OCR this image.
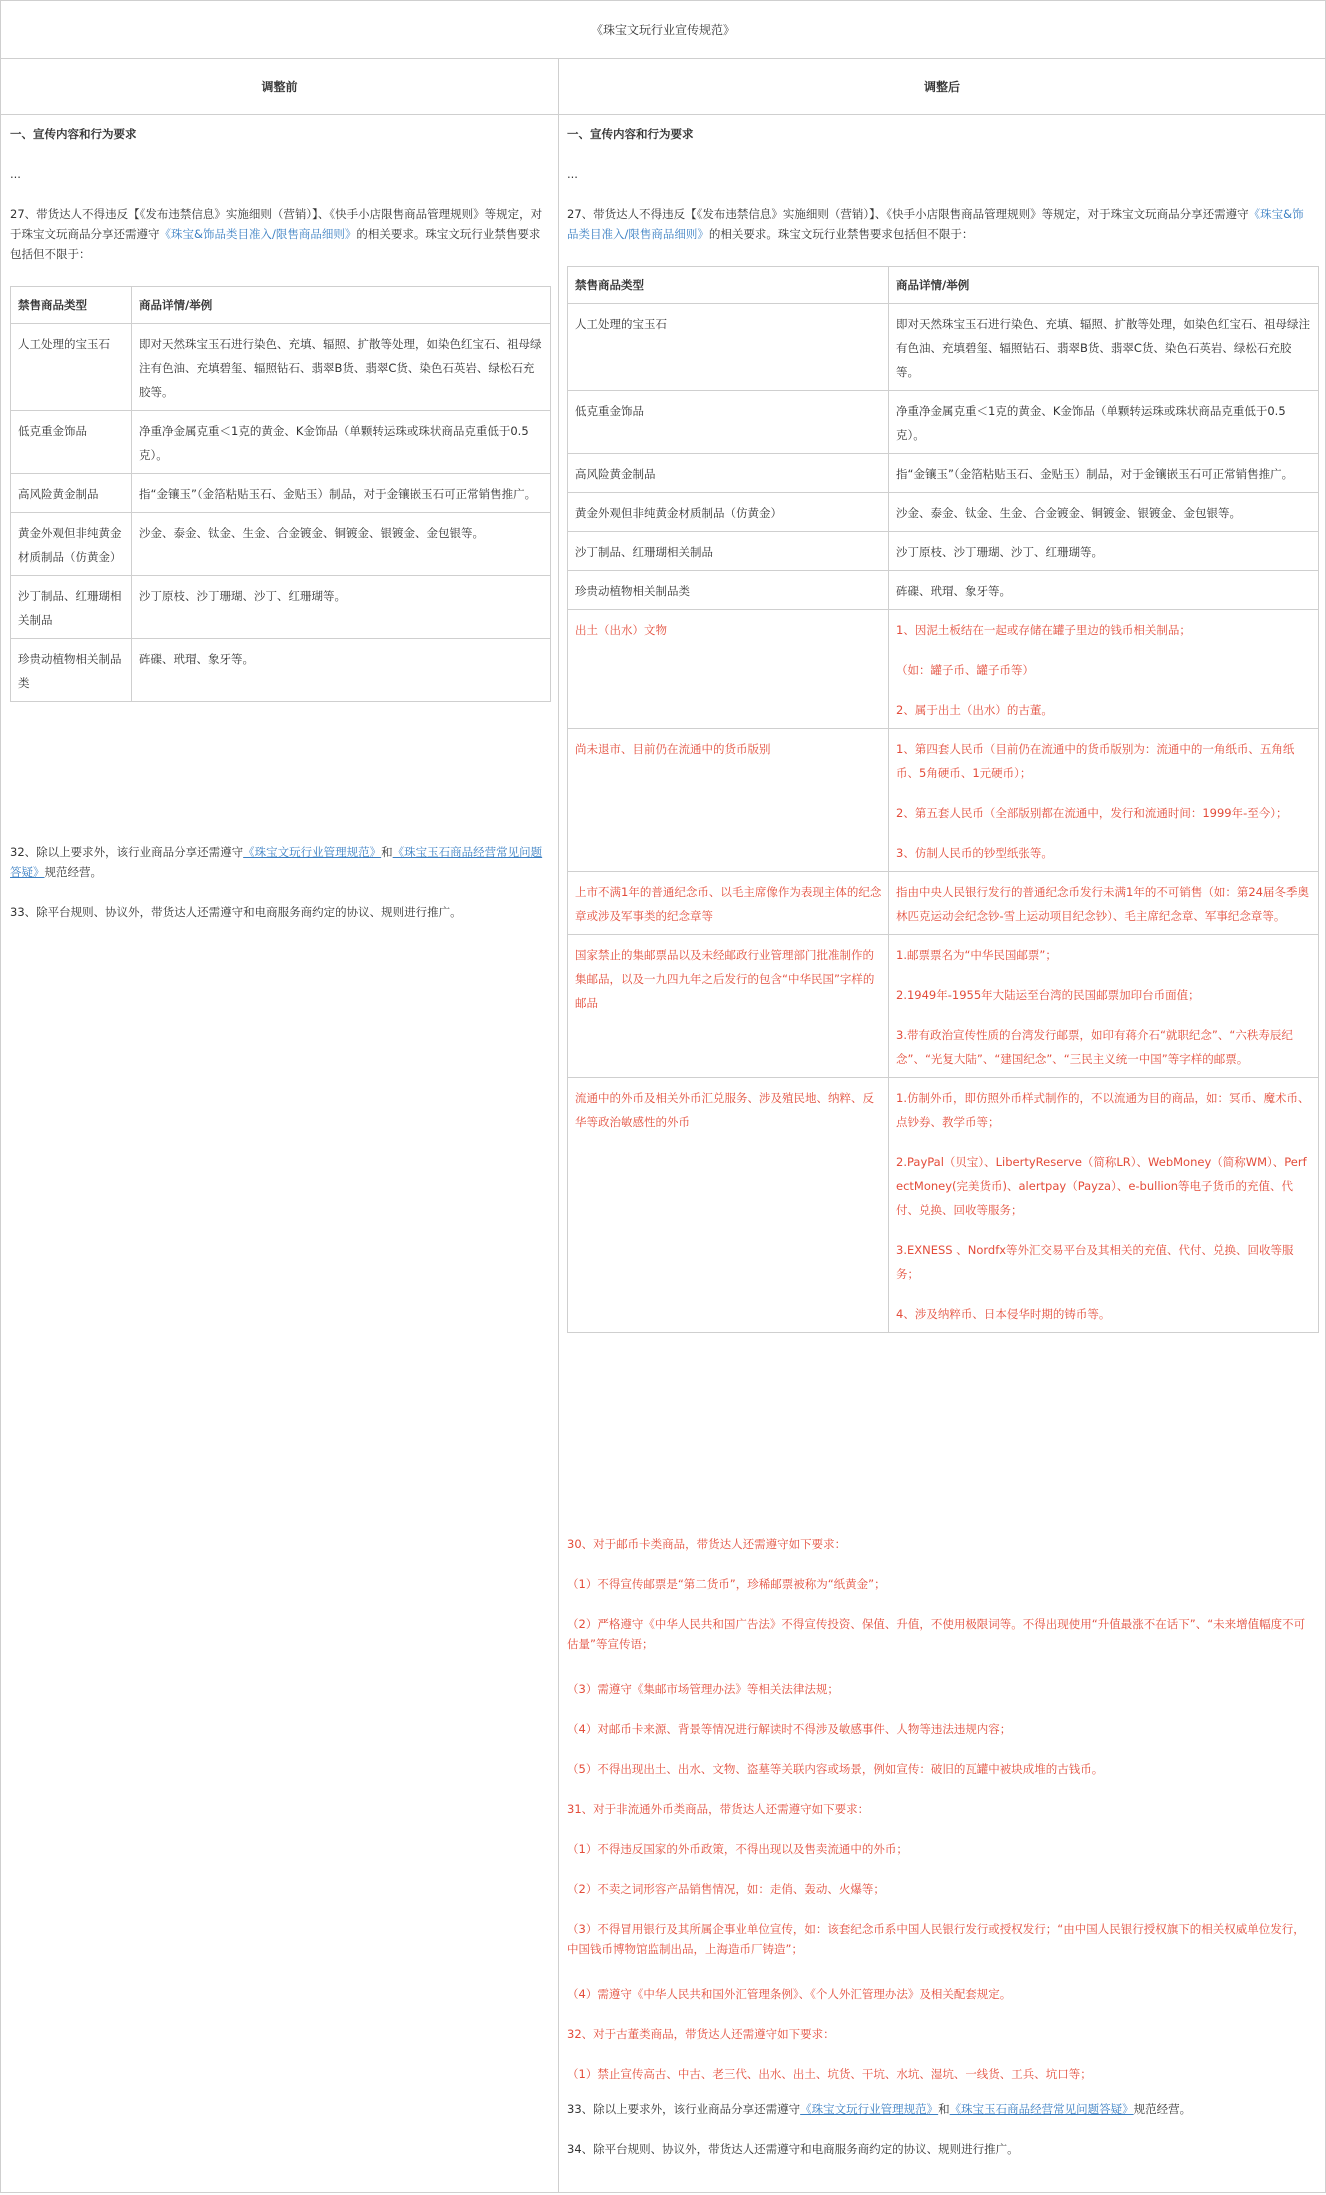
《珠宝文玩行业宣传规范》
调整前	调整后

一、宣传内容和行为要求

...

27、带货达人不得违反【《发布违禁信息》实施细则（营销）】、《快手小店限售商品管理规则》等规定，对于珠宝文玩商品分享还需遵守《珠宝&饰品类目准入/限售商品细则》的相关要求。珠宝文玩行业禁售要求包括但不限于：

禁售商品类型	商品详情/举例
人工处理的宝玉石	即对天然珠宝玉石进行染色、充填、辐照、扩散等处理，如染色红宝石、祖母绿注有色油、充填碧玺、辐照钻石、翡翠B货、翡翠C货、染色石英岩、绿松石充胶等。
低克重金饰品	净重净金属克重＜1克的黄金、K金饰品（单颗转运珠或珠状商品克重低于0.5克）。
高风险黄金制品	指“金镶玉”（金箔粘贴玉石、金贴玉）制品，对于金镶嵌玉石可正常销售推广。
黄金外观但非纯黄金材质制品（仿黄金）	沙金、泰金、钛金、生金、合金镀金、铜镀金、银镀金、金包银等。
沙丁制品、红珊瑚相关制品	沙丁原枝、沙丁珊瑚、沙丁、红珊瑚等。
珍贵动植物相关制品类	砗磲、玳瑁、象牙等。

32、除以上要求外，该行业商品分享还需遵守《珠宝文玩行业管理规范》和《珠宝玉石商品经营常见问题答疑》规范经营。

33、除平台规则、协议外，带货达人还需遵守和电商服务商约定的协议、规则进行推广。

一、宣传内容和行为要求

...

27、带货达人不得违反【《发布违禁信息》实施细则（营销）】、《快手小店限售商品管理规则》等规定，对于珠宝文玩商品分享还需遵守《珠宝&饰品类目准入/限售商品细则》的相关要求。珠宝文玩行业禁售要求包括但不限于：

禁售商品类型	商品详情/举例
人工处理的宝玉石	即对天然珠宝玉石进行染色、充填、辐照、扩散等处理，如染色红宝石、祖母绿注有色油、充填碧玺、辐照钻石、翡翠B货、翡翠C货、染色石英岩、绿松石充胶等。

低克重金饰品	净重净金属克重＜1克的黄金、K金饰品（单颗转运珠或珠状商品克重低于0.5克）。

高风险黄金制品	指“金镶玉”（金箔粘贴玉石、金贴玉）制品，对于金镶嵌玉石可正常销售推广。

黄金外观但非纯黄金材质制品（仿黄金）	沙金、泰金、钛金、生金、合金镀金、铜镀金、银镀金、金包银等。

沙丁制品、红珊瑚相关制品	沙丁原枝、沙丁珊瑚、沙丁、红珊瑚等。

珍贵动植物相关制品类	砗磲、玳瑁、象牙等。

出土（出水）文物	1、因泥土板结在一起或存储在罐子里边的钱币相关制品；

（如：罐子币、罐子币等）

2、属于出土（出水）的古董。

尚未退市、目前仍在流通中的货币版别	1、第四套人民币（目前仍在流通中的货币版别为：流通中的一角纸币、五角纸币、5角硬币、1元硬币）；

2、第五套人民币（全部版别都在流通中，发行和流通时间：1999年-至今）；

3、仿制人民币的钞型纸张等。

上市不满1年的普通纪念币、以毛主席像作为表现主体的纪念章或涉及军事类的纪念章等	指由中央人民银行发行的普通纪念币发行未满1年的不可销售（如：第24届冬季奥林匹克运动会纪念钞-雪上运动项目纪念钞）、毛主席纪念章、军事纪念章等。

国家禁止的集邮票品以及未经邮政行业管理部门批准制作的集邮品，以及一九四九年之后发行的包含“中华民国”字样的邮品	1.邮票票名为“中华民国邮票”；

2.1949年-1955年大陆运至台湾的民国邮票加印台币面值；

3.带有政治宣传性质的台湾发行邮票，如印有蒋介石“就职纪念”、“六秩寿辰纪念”、“光复大陆”、“建国纪念”、“三民主义统一中国”等字样的邮票。

流通中的外币及相关外币汇兑服务、涉及殖民地、纳粹、反华等政治敏感性的外币	1.仿制外币，即仿照外币样式制作的，不以流通为目的商品，如：冥币、魔术币、点钞券、教学币等；

2.PayPal（贝宝）、LibertyReserve（简称LR）、WebMoney（简称WM）、PerfectMoney(完美货币)、alertpay（Payza）、e-bullion等电子货币的充值、代付、兑换、回收等服务；

3.EXNESS 、Nordfx等外汇交易平台及其相关的充值、代付、兑换、回收等服务；

4、涉及纳粹币、日本侵华时期的铸币等。

30、对于邮币卡类商品，带货达人还需遵守如下要求：

（1）不得宣传邮票是“第二货币”，珍稀邮票被称为“纸黄金”；

（2）严格遵守《中华人民共和国广告法》不得宣传投资、保值、升值，不使用极限词等。不得出现使用“升值最涨不在话下”、“未来增值幅度不可估量”等宣传语；

（3）需遵守《集邮市场管理办法》等相关法律法规；

（4）对邮币卡来源、背景等情况进行解读时不得涉及敏感事件、人物等违法违规内容；

（5）不得出现出土、出水、文物、盗墓等关联内容或场景，例如宣传：破旧的瓦罐中被块成堆的古钱币。

31、对于非流通外币类商品，带货达人还需遵守如下要求：

（1）不得违反国家的外币政策，不得出现以及售卖流通中的外币；

（2）不卖之词形容产品销售情况，如：走俏、轰动、火爆等；

（3）不得冒用银行及其所属企事业单位宣传，如：该套纪念币系中国人民银行发行或授权发行；“由中国人民银行授权旗下的相关权威单位发行，中国钱币博物馆监制出品，上海造币厂铸造”；

（4）需遵守《中华人民共和国外汇管理条例》、《个人外汇管理办法》及相关配套规定。

32、对于古董类商品，带货达人还需遵守如下要求：

（1）禁止宣传高古、中古、老三代、出水、出土、坑货、干坑、水坑、湿坑、一线货、工兵、坑口等；

33、除以上要求外，该行业商品分享还需遵守《珠宝文玩行业管理规范》和《珠宝玉石商品经营常见问题答疑》规范经营。

34、除平台规则、协议外，带货达人还需遵守和电商服务商约定的协议、规则进行推广。
